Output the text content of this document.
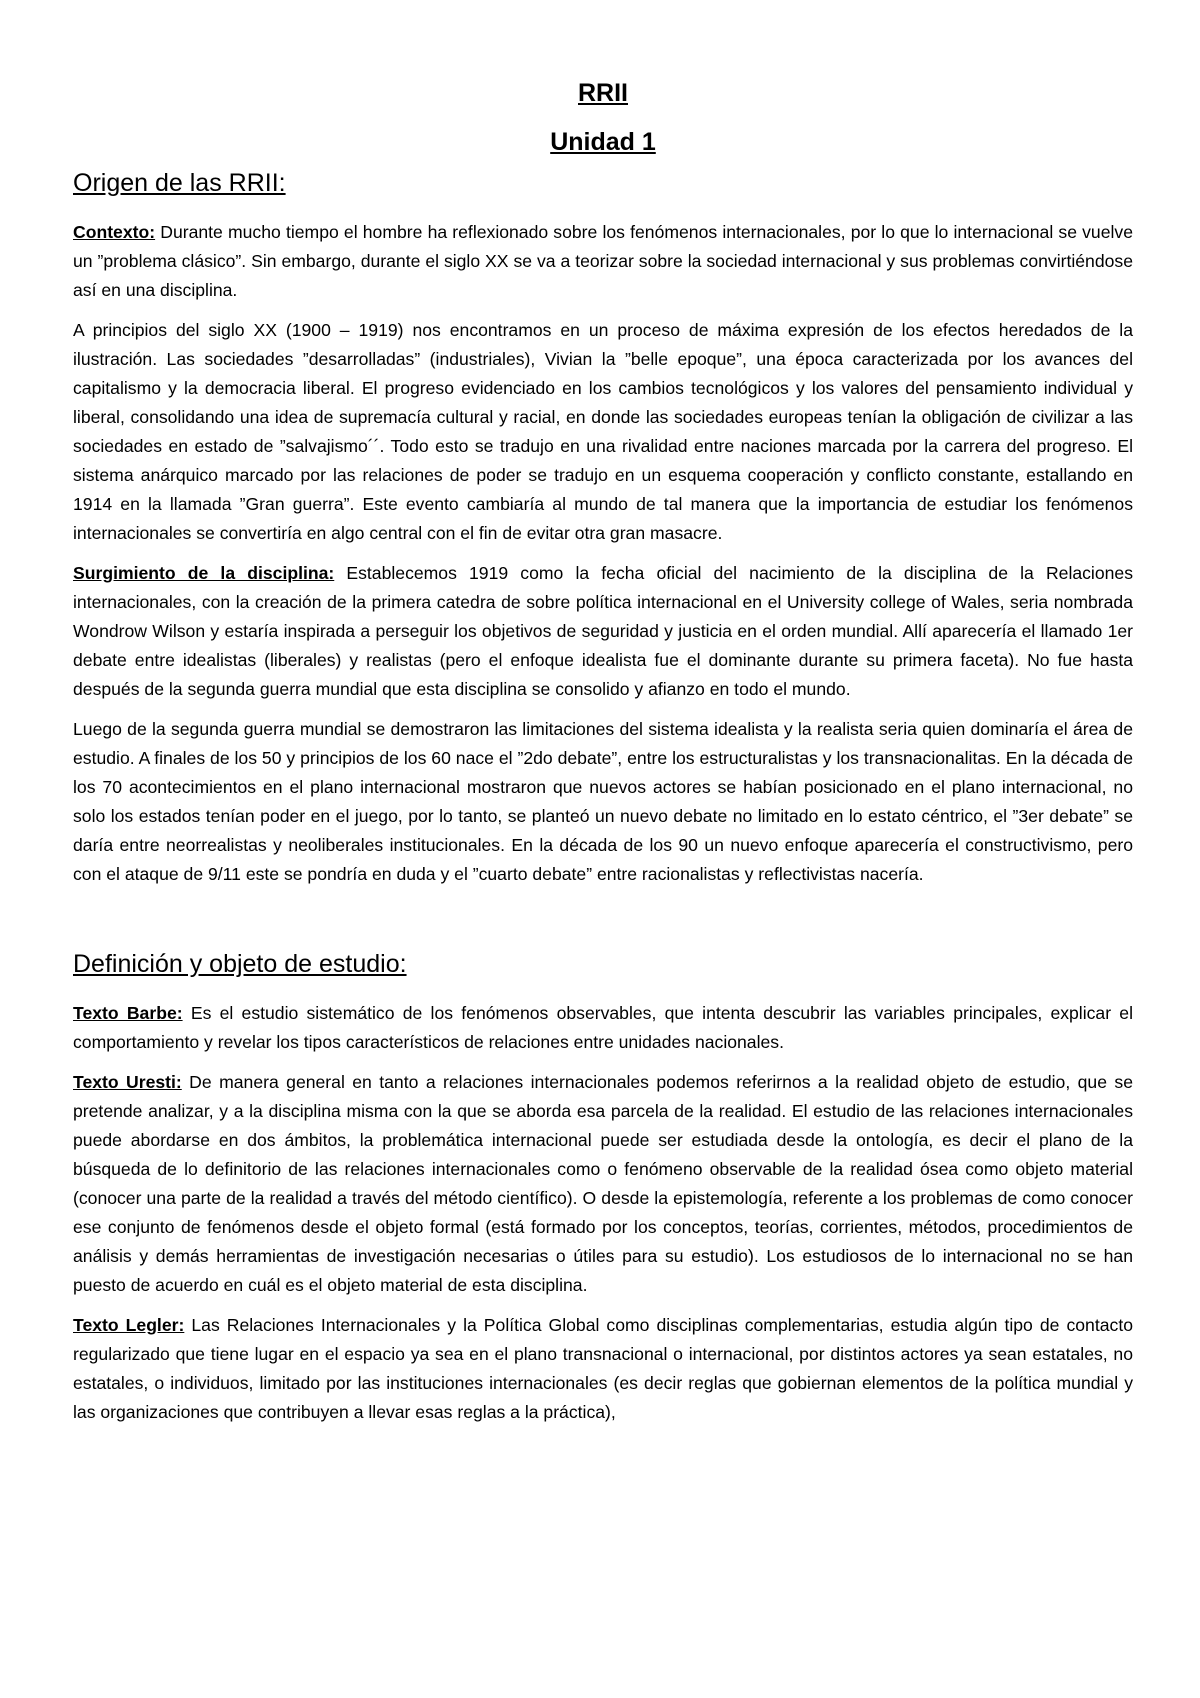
RRII
Unidad 1
Origen de las RRII:

Contexto: Durante mucho tiempo el hombre ha reflexionado sobre los fenómenos internacionales, por lo que lo internacional se vuelve un ”problema clásico”. Sin embargo, durante el siglo XX se va a teorizar sobre la sociedad internacional y sus problemas convirtiéndose así en una disciplina.

A principios del siglo XX (1900 – 1919) nos encontramos en un proceso de máxima expresión de los efectos heredados de la ilustración. Las sociedades ”desarrolladas” (industriales), Vivian la ”belle epoque”, una época caracterizada por los avances del capitalismo y la democracia liberal. El progreso evidenciado en los cambios tecnológicos y los valores del pensamiento individual y liberal, consolidando una idea de supremacía cultural y racial, en donde las sociedades europeas tenían la obligación de civilizar a las sociedades en estado de ”salvajismo´´. Todo esto se tradujo en una rivalidad entre naciones marcada por la carrera del progreso. El sistema anárquico marcado por las relaciones de poder se tradujo en un esquema cooperación y conflicto constante, estallando en 1914 en la llamada ”Gran guerra”. Este evento cambiaría al mundo de tal manera que la importancia de estudiar los fenómenos internacionales se convertiría en algo central con el fin de evitar otra gran masacre.

Surgimiento de la disciplina: Establecemos 1919 como la fecha oficial del nacimiento de la disciplina de la Relaciones internacionales, con la creación de la primera catedra de sobre política internacional en el University college of Wales, seria nombrada Wondrow Wilson y estaría inspirada a perseguir los objetivos de seguridad y justicia en el orden mundial. Allí aparecería el llamado 1er debate entre idealistas (liberales) y realistas (pero el enfoque idealista fue el dominante durante su primera faceta). No fue hasta después de la segunda guerra mundial que esta disciplina se consolido y afianzo en todo el mundo.

Luego de la segunda guerra mundial se demostraron las limitaciones del sistema idealista y la realista seria quien dominaría el área de estudio. A finales de los 50 y principios de los 60 nace el ”2do debate”, entre los estructuralistas y los transnacionalitas. En la década de los 70 acontecimientos en el plano internacional mostraron que nuevos actores se habían posicionado en el plano internacional, no solo los estados tenían poder en el juego, por lo tanto, se planteó un nuevo debate no limitado en lo estato céntrico, el ”3er debate” se daría entre neorrealistas y neoliberales institucionales. En la década de los 90 un nuevo enfoque aparecería el constructivismo, pero con el ataque de 9/11 este se pondría en duda y el ”cuarto debate” entre racionalistas y reflectivistas nacería.

Definición y objeto de estudio:

Texto Barbe: Es el estudio sistemático de los fenómenos observables, que intenta descubrir las variables principales, explicar el comportamiento y revelar los tipos característicos de relaciones entre unidades nacionales.

Texto Uresti: De manera general en tanto a relaciones internacionales podemos referirnos a la realidad objeto de estudio, que se pretende analizar, y a la disciplina misma con la que se aborda esa parcela de la realidad. El estudio de las relaciones internacionales puede abordarse en dos ámbitos, la problemática internacional puede ser estudiada desde la ontología, es decir el plano de la búsqueda de lo definitorio de las relaciones internacionales como o fenómeno observable de la realidad ósea como objeto material (conocer una parte de la realidad a través del método científico). O desde la epistemología, referente a los problemas de como conocer ese conjunto de fenómenos desde el objeto formal (está formado por los conceptos, teorías, corrientes, métodos, procedimientos de análisis y demás herramientas de investigación necesarias o útiles para su estudio). Los estudiosos de lo internacional no se han puesto de acuerdo en cuál es el objeto material de esta disciplina.

Texto Legler: Las Relaciones Internacionales y la Política Global como disciplinas complementarias, estudia algún tipo de contacto regularizado que tiene lugar en el espacio ya sea en el plano transnacional o internacional, por distintos actores ya sean estatales, no estatales, o individuos, limitado por las instituciones internacionales (es decir reglas que gobiernan elementos de la política mundial y las organizaciones que contribuyen a llevar esas reglas a la práctica),
